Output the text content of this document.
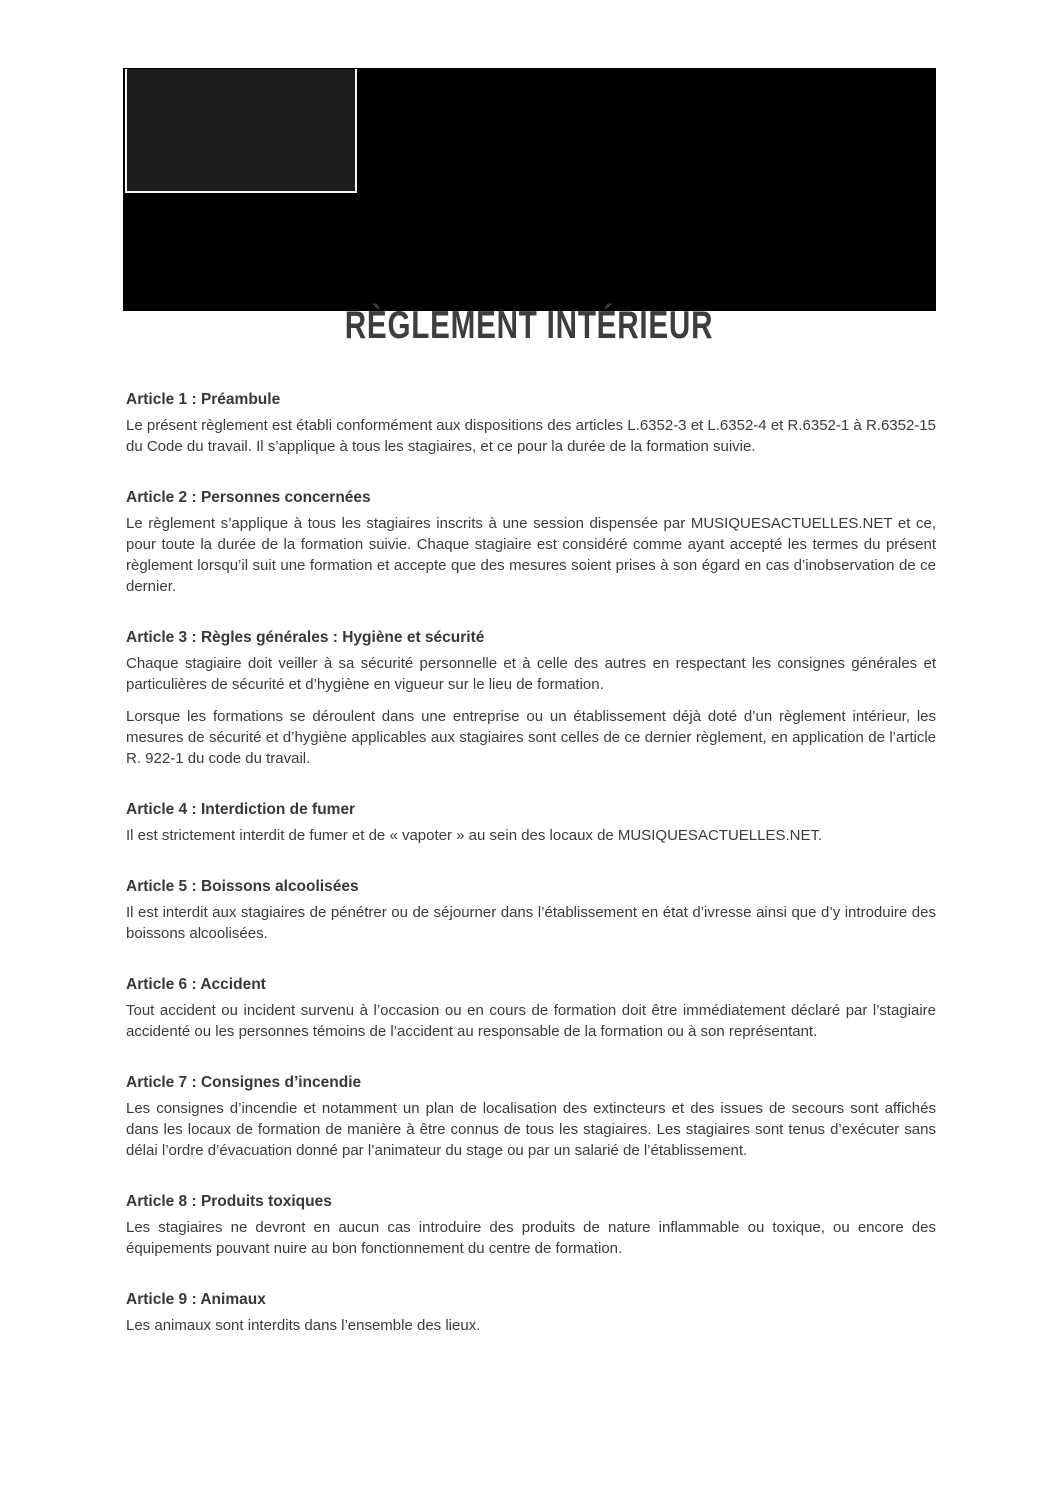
RÈGLEMENT INTÉRIEUR
Article 1 : Préambule

Le présent règlement est établi conformément aux dispositions des articles L.6352-3 et L.6352-4 et R.6352-1 à R.6352-15 du Code du travail. Il s’applique à tous les stagiaires, et ce pour la durée de la formation suivie.

Article 2 : Personnes concernées

Le règlement s’applique à tous les stagiaires inscrits à une session dispensée par MUSIQUESACTUELLES.NET et ce, pour toute la durée de la formation suivie. Chaque stagiaire est considéré comme ayant accepté les termes du présent règlement lorsqu’il suit une formation et accepte que des mesures soient prises à son égard en cas d’inobservation de ce dernier.

Article 3 : Règles générales : Hygiène et sécurité

Chaque stagiaire doit veiller à sa sécurité personnelle et à celle des autres en respectant les consignes générales et particulières de sécurité et d’hygiène en vigueur sur le lieu de formation.

Lorsque les formations se déroulent dans une entreprise ou un établissement déjà doté d’un règlement intérieur, les mesures de sécurité et d’hygiène applicables aux stagiaires sont celles de ce dernier règlement, en application de l’article R. 922-1 du code du travail.

Article 4 : Interdiction de fumer

Il est strictement interdit de fumer et de « vapoter » au sein des locaux de MUSIQUESACTUELLES.NET.

Article 5 : Boissons alcoolisées

Il est interdit aux stagiaires de pénétrer ou de séjourner dans l’établissement en état d’ivresse ainsi que d’y introduire des boissons alcoolisées.

Article 6 : Accident

Tout accident ou incident survenu à l’occasion ou en cours de formation doit être immédiatement déclaré par l’stagiaire accidenté ou les personnes témoins de l’accident au responsable de la formation ou à son représentant.

Article 7 : Consignes d’incendie

Les consignes d’incendie et notamment un plan de localisation des extincteurs et des issues de secours sont affichés dans les locaux de formation de manière à être connus de tous les stagiaires. Les stagiaires sont tenus d’exécuter sans délai l’ordre d’évacuation donné par l’animateur du stage ou par un salarié de l’établissement.

Article 8 : Produits toxiques

Les stagiaires ne devront en aucun cas introduire des produits de nature inflammable ou toxique, ou encore des équipements pouvant nuire au bon fonctionnement du centre de formation.

Article 9 : Animaux

Les animaux sont interdits dans l’ensemble des lieux.
